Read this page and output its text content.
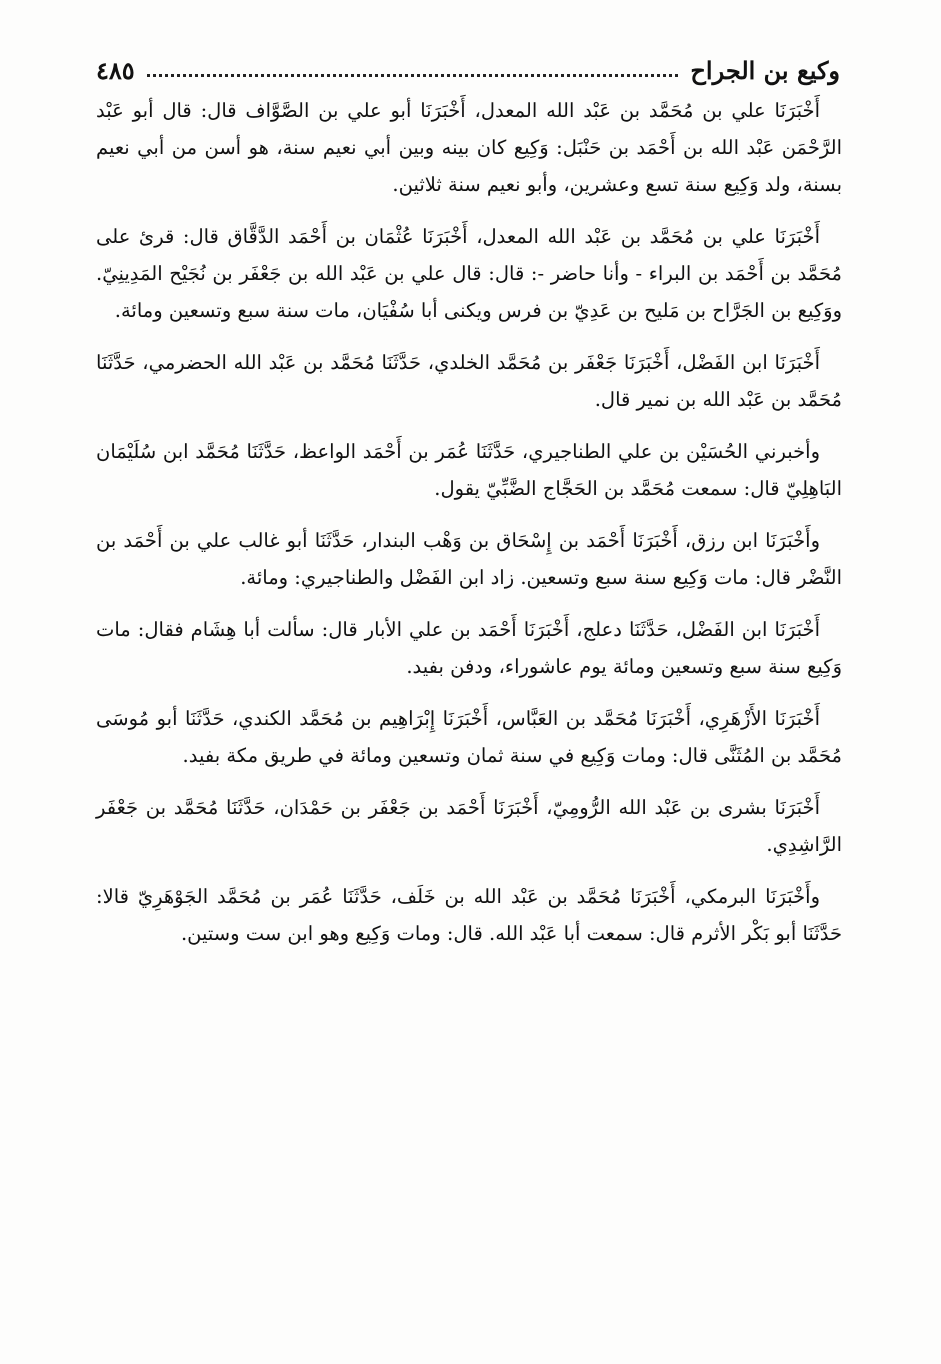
وكيع بن الجراح
٤٨٥

أَخْبَرَنَا علي بن مُحَمَّد بن عَبْد الله المعدل، أَخْبَرَنَا أبو علي بن الصَّوَّاف قال: قال أبو عَبْد الرَّحْمَن عَبْد الله بن أَحْمَد بن حَنْبَل: وَكِيع كان بينه وبين أبي نعيم سنة، هو أسن من أبي نعيم بسنة، ولد وَكِيع سنة تسع وعشرين، وأبو نعيم سنة ثلاثين.

أَخْبَرَنَا علي بن مُحَمَّد بن عَبْد الله المعدل، أَخْبَرَنَا عُثْمَان بن أَحْمَد الدَّقَّاق قال: قرئ على مُحَمَّد بن أَحْمَد بن البراء - وأنا حاضر -: قال: قال علي بن عَبْد الله بن جَعْفَر بن نُجَيْح المَدِينِيّ. ووَكِيع بن الجَرَّاح بن مَليح بن عَدِيّ بن فرس ويكنى أبا سُفْيَان، مات سنة سبع وتسعين ومائة.

أَخْبَرَنَا ابن الفَضْل، أَخْبَرَنَا جَعْفَر بن مُحَمَّد الخلدي، حَدَّثَنَا مُحَمَّد بن عَبْد الله الحضرمي، حَدَّثَنَا مُحَمَّد بن عَبْد الله بن نمير قال.

وأخبرني الحُسَيْن بن علي الطناجيري، حَدَّثَنَا عُمَر بن أَحْمَد الواعظ، حَدَّثَنَا مُحَمَّد ابن سُلَيْمَان البَاهِلِيّ قال: سمعت مُحَمَّد بن الحَجَّاج الضَّبِّيّ يقول.

وأَخْبَرَنَا ابن رزق، أَخْبَرَنَا أَحْمَد بن إِسْحَاق بن وَهْب البندار، حَدَّثَنَا أبو غالب علي بن أَحْمَد بن النَّضْر قال: مات وَكِيع سنة سبع وتسعين. زاد ابن الفَضْل والطناجيري: ومائة.

أَخْبَرَنَا ابن الفَضْل، حَدَّثَنَا دعلج، أَخْبَرَنَا أَحْمَد بن علي الأبار قال: سألت أبا هِشَام فقال: مات وَكِيع سنة سبع وتسعين ومائة يوم عاشوراء، ودفن بفيد.

أَخْبَرَنَا الأَزْهَرِي، أَخْبَرَنَا مُحَمَّد بن العَبَّاس، أَخْبَرَنَا إِبْرَاهِيم بن مُحَمَّد الكندي، حَدَّثَنَا أبو مُوسَى مُحَمَّد بن المُثَنَّى قال: ومات وَكِيع في سنة ثمان وتسعين ومائة في طريق مكة بفيد.

أَخْبَرَنَا بشرى بن عَبْد الله الرُّومِيّ، أَخْبَرَنَا أَحْمَد بن جَعْفَر بن حَمْدَان، حَدَّثَنَا مُحَمَّد بن جَعْفَر الرَّاشِدِي.

وأَخْبَرَنَا البرمكي، أَخْبَرَنَا مُحَمَّد بن عَبْد الله بن خَلَف، حَدَّثَنَا عُمَر بن مُحَمَّد الجَوْهَرِيّ قالا: حَدَّثَنَا أبو بَكْر الأثرم قال: سمعت أبا عَبْد الله. قال: ومات وَكِيع وهو ابن ست وستين.
